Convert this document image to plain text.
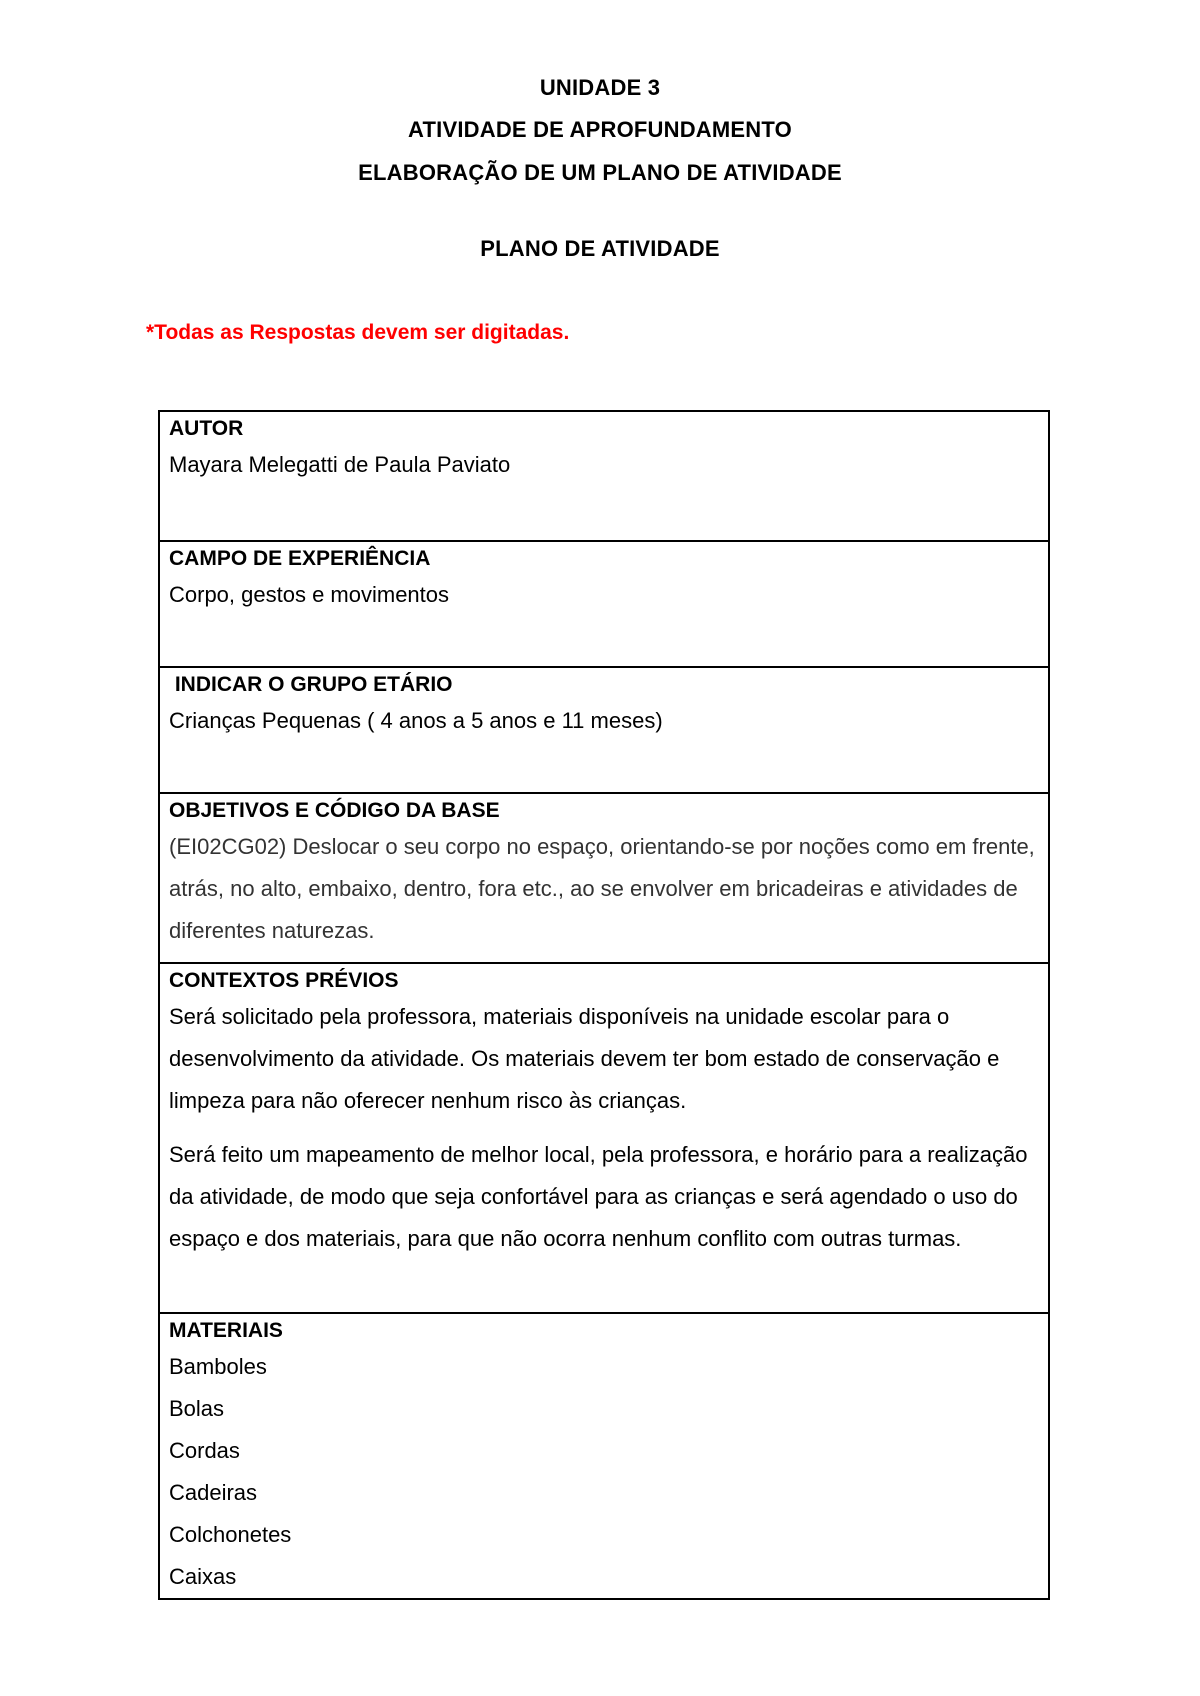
UNIDADE 3
ATIVIDADE DE APROFUNDAMENTO
ELABORAÇÃO DE UM PLANO DE ATIVIDADE
PLANO DE ATIVIDADE
*Todas as Respostas devem ser digitadas.
AUTOR
Mayara Melegatti de Paula Paviato

CAMPO DE EXPERIÊNCIA
Corpo, gestos e movimentos

INDICAR O GRUPO ETÁRIO
Crianças Pequenas ( 4 anos a 5 anos e 11 meses)

OBJETIVOS E CÓDIGO DA BASE
(EI02CG02) Deslocar o seu corpo no espaço, orientando-se por noções como em frente, atrás, no alto, embaixo, dentro, fora etc., ao se envolver em bricadeiras e atividades de diferentes naturezas.

CONTEXTOS PRÉVIOS
Será solicitado pela professora, materiais disponíveis na unidade escolar para o desenvolvimento da atividade. Os materiais devem ter bom estado de conservação e limpeza para não oferecer nenhum risco às crianças.
Será feito um mapeamento de melhor local, pela professora, e horário para a realização da atividade, de modo que seja confortável para as crianças e será agendado o uso do espaço e dos materiais, para que não ocorra nenhum conflito com outras turmas.

MATERIAIS
Bamboles
Bolas
Cordas
Cadeiras
Colchonetes
Caixas
